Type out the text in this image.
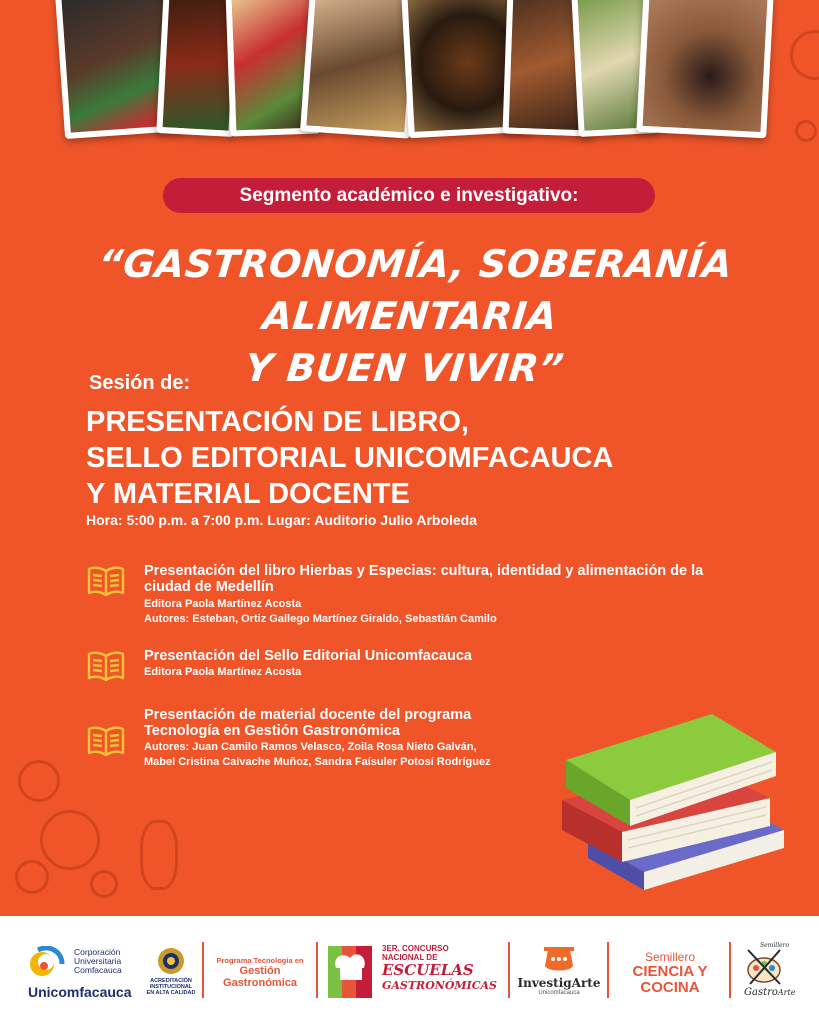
Segmento académico e investigativo:
“GASTRONOMÍA, SOBERANÍA ALIMENTARIA
Y BUEN VIVIR”
Sesión de:
PRESENTACIÓN DE LIBRO,
SELLO EDITORIAL UNICOMFACAUCA
Y MATERIAL DOCENTE
Hora: 5:00 p.m. a 7:00 p.m. Lugar: Auditorio Julio Arboleda
Presentación del libro Hierbas y Especias: cultura, identidad y alimentación de la ciudad de Medellín
Editora Paola Martínez Acosta
Autores: Esteban, Ortiz Gallego Martínez Giraldo, Sebastián Camilo
Presentación del Sello Editorial Unicomfacauca
Editora Paola Martínez Acosta
Presentación de material docente del programa Tecnología en Gestión Gastronómica
Autores: Juan Camilo Ramos Velasco, Zoila Rosa Nieto Galván,
Mabel Cristina Calvache Muñoz, Sandra Faísuler Potosí Rodríguez
Corporación
Universitaria
Comfacauca
Unicomfacauca
ACREDITACIÓN
INSTITUCIONAL
EN ALTA CALIDAD
Programa Tecnología en
Gestión
Gastronómica
3ER. CONCURSO
NACIONAL DE
ESCUELAS
GASTRONÓMICAS InvestigArte
Unicomfacauca
Semillero
CIENCIA Y
COCINA
Semillero
GastroArte
